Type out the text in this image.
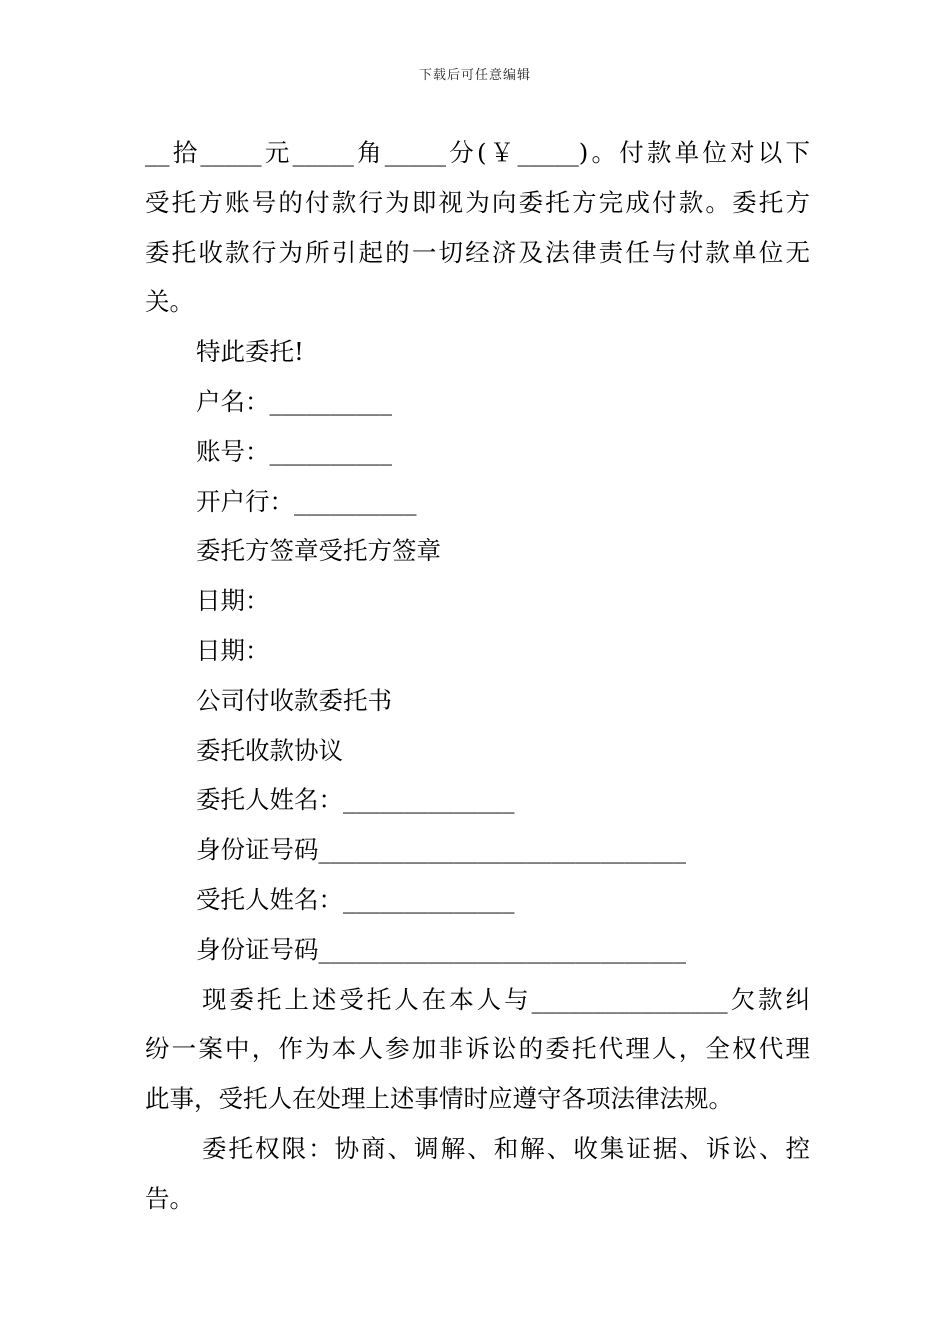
下载后可任意编辑

__拾_____元_____角_____分(￥_____)。付款单位对以下

受托方账号的付款行为即视为向委托方完成付款。委托方

委托收款行为所引起的一切经济及法律责任与付款单位无

关。

特此委托!

户名：__________

账号：__________

开户行：__________

委托方签章受托方签章

日期：

日期：

公司付收款委托书

委托收款协议

委托人姓名：______________

身份证号码______________________________

受托人姓名：______________

身份证号码______________________________

现委托上述受托人在本人与________________欠款纠

纷一案中，作为本人参加非诉讼的委托代理人，全权代理

此事，受托人在处理上述事情时应遵守各项法律法规。

委托权限：协商、调解、和解、收集证据、诉讼、控

告。
